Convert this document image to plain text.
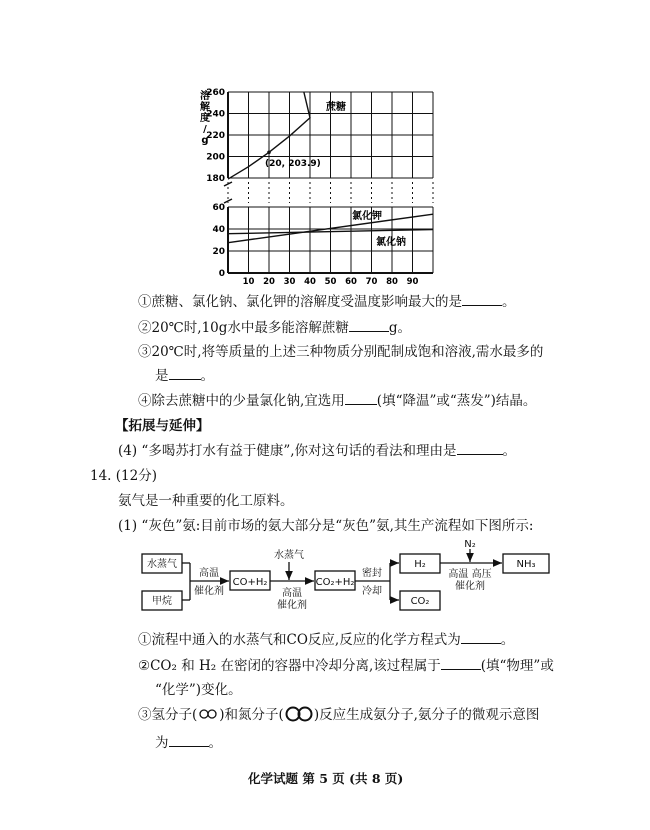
260
240
220
200
180
60
40
20
0
10 20 30 40 50 60 70 80 90
溶
解
度
/
g
蔗糖
氯化钾
氯化钠
(20, 203.9)
①蔗糖、氯化钠、氯化钾的溶解度受温度影响最大的是	。
②20℃时,10g水中最多能溶解蔗糖	g。
③20℃时,将等质量的上述三种物质分别配制成饱和溶液,需水最多的
是 。
④除去蔗糖中的少量氯化钠,宜选用 (填“降温”或“蒸发”)结晶。
【拓展与延伸】
(4) “多喝苏打水有益于健康”,你对这句话的看法和理由是	。
14. (12分)
氨气是一种重要的化工原料。
(1) “灰色”氨:目前市场的氨大部分是“灰色”氨,其生产流程如下图所示:
水蒸气
甲烷
高温
催化剂
CO+H₂
水蒸气
高温
催化剂
CO₂+H₂
密封
冷却
H₂
CO₂
N₂
高温 高压
催化剂
NH₃
①流程中通入的水蒸气和CO反应,反应的化学方程式为	。
②CO₂ 和 H₂ 在密闭的容器中冷却分离,该过程属于	(填“物理”或
“化学”)变化。
③氢分子( )和氮分子( )反应生成氨分子,氨分子的微观示意图
为	。
化学试题 第 5 页 (共 8 页)
